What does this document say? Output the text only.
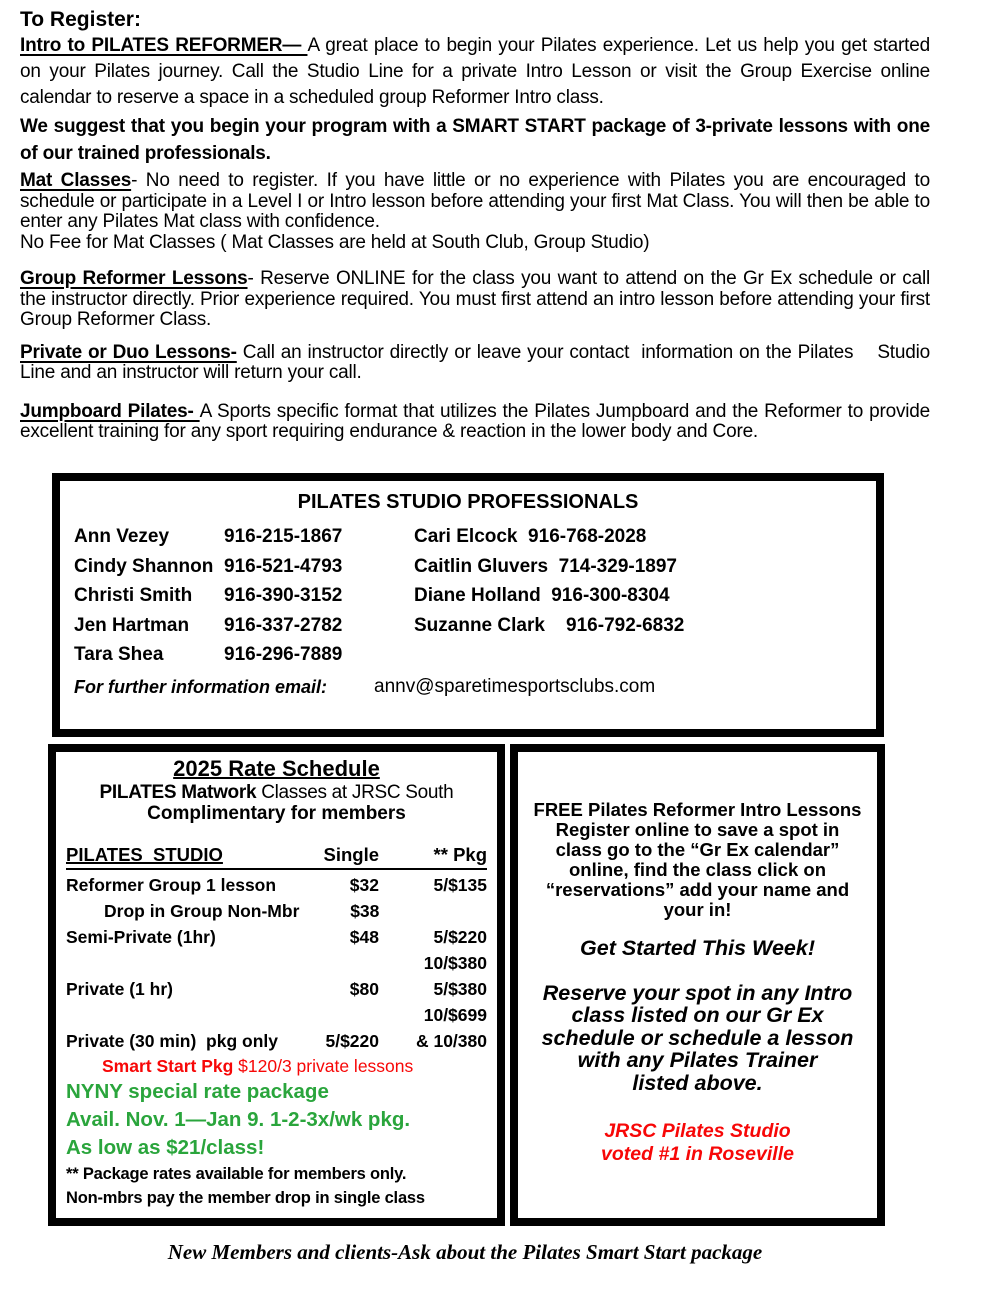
To Register:

Intro to PILATES REFORMER— A great place to begin your Pilates experience. Let us help you get started on your Pilates journey. Call the Studio Line for a private Intro Lesson or visit the Group Exercise online calendar to reserve a space in a scheduled group Reformer Intro class.

We suggest that you begin your program with a SMART START package of 3-private lessons with one of our trained professionals.

Mat Classes- No need to register. If you have little or no experience with Pilates you are encouraged to schedule or participate in a Level I or Intro lesson before attending your first Mat Class. You will then be able to enter any Pilates Mat class with confidence.
No Fee for Mat Classes ( Mat Classes are held at South Club, Group Studio)

Group Reformer Lessons- Reserve ONLINE for the class you want to attend on the Gr Ex schedule or call the instructor directly. Prior experience required. You must first attend an intro lesson before attending your first Group Reformer Class.

Private or Duo Lessons- Call an instructor directly or leave your contact  information on the Pilates    Studio Line and an instructor will return your call.

Jumpboard Pilates- A Sports specific format that utilizes the Pilates Jumpboard and the Reformer to provide excellent training for any sport requiring endurance & reaction in the lower body and Core.

PILATES STUDIO PROFESSIONALS
Ann Vezey	916-215-1867	Cari Elcock  916-768-2028
Cindy Shannon 916-521-4793	Caitlin Gluvers  714-329-1897
Christi Smith	916-390-3152	Diane Holland  916-300-8304
Jen Hartman	916-337-2782	Suzanne Clark    916-792-6832
Tara Shea	916-296-7889
For further information email:	annv@sparetimesportsclubs.com
2025 Rate Schedule
PILATES Matwork Classes at JRSC South
Complimentary for members
PILATES  STUDIO	Single	** Pkg
Reformer Group 1 lesson	$32	5/$135
Drop in Group Non-Mbr	$38
Semi-Private (1hr)	$48	5/$220
10/$380
Private (1 hr)	$80	5/$380
10/$699
Private (30 min)  pkg only	5/$220	& 10/380
Smart Start Pkg $120/3 private lessons
NYNY special rate package
Avail. Nov. 1—Jan 9. 1-2-3x/wk pkg.
As low as $21/class!
** Package rates available for members only.
Non-mbrs pay the member drop in single class
FREE Pilates Reformer Intro Lessons
Register online to save a spot in
class go to the “Gr Ex calendar”
online, find the class click on
“reservations” add your name and
your in!
Get Started This Week!
Reserve your spot in any Intro
class listed on our Gr Ex
schedule or schedule a lesson
with any Pilates Trainer
listed above.
JRSC Pilates Studio
voted #1 in Roseville
New Members and clients-Ask about the Pilates Smart Start package
